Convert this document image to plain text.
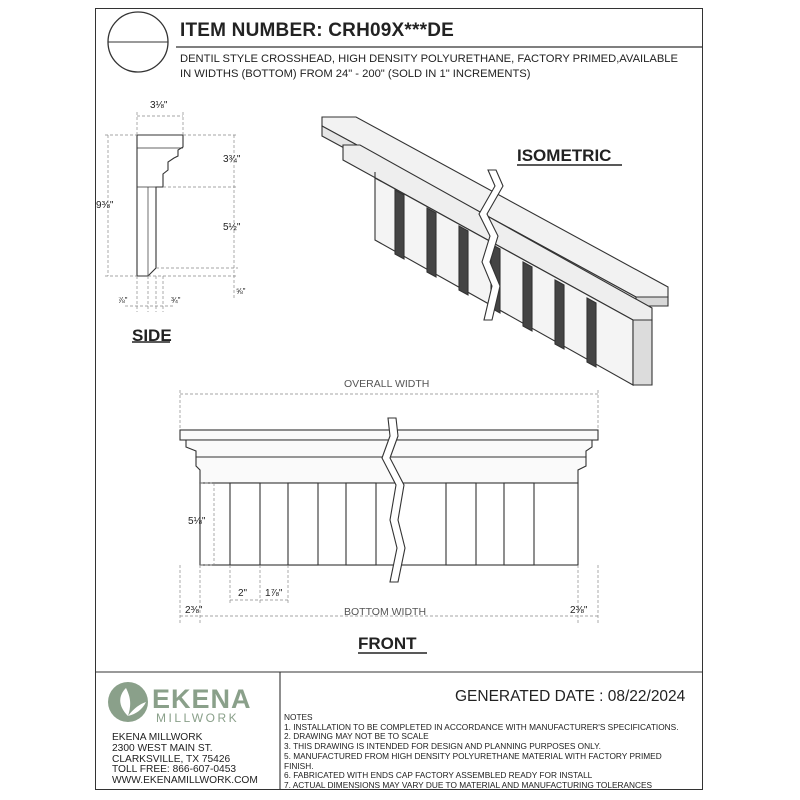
ITEM NUMBER: CRH09X***DE
DENTIL STYLE CROSSHEAD, HIGH DENSITY POLYURETHANE, FACTORY PRIMED,AVAILABLE IN WIDTHS (BOTTOM) FROM 24" - 200" (SOLD IN 1" INCREMENTS)
SIDE
ISOMETRIC
FRONT
3⅛"
9⅜"
3¾"
5½"
⅝"
⅞"	¾"
OVERALL WIDTH
BOTTOM WIDTH
5⅛"
2" 1⅞"
2⅜"	2⅜"
EKENA
MILLWORK
GENERATED DATE : 08/22/2024
NOTES
1. INSTALLATION TO BE COMPLETED IN ACCORDANCE WITH MANUFACTURER'S SPECIFICATIONS.
2. DRAWING MAY NOT BE TO SCALE
3. THIS DRAWING IS INTENDED FOR DESIGN AND PLANNING PURPOSES ONLY.
5. MANUFACTURED FROM HIGH DENSITY POLYURETHANE MATERIAL WITH FACTORY PRIMED
FINISH.
6. FABRICATED WITH ENDS CAP FACTORY ASSEMBLED READY FOR INSTALL
7. ACTUAL DIMENSIONS MAY VARY DUE TO MATERIAL AND MANUFACTURING TOLERANCES
EKENA MILLWORK
2300 WEST MAIN ST.
CLARKSVILLE, TX 75426
TOLL FREE: 866-607-0453
WWW.EKENAMILLWORK.COM
